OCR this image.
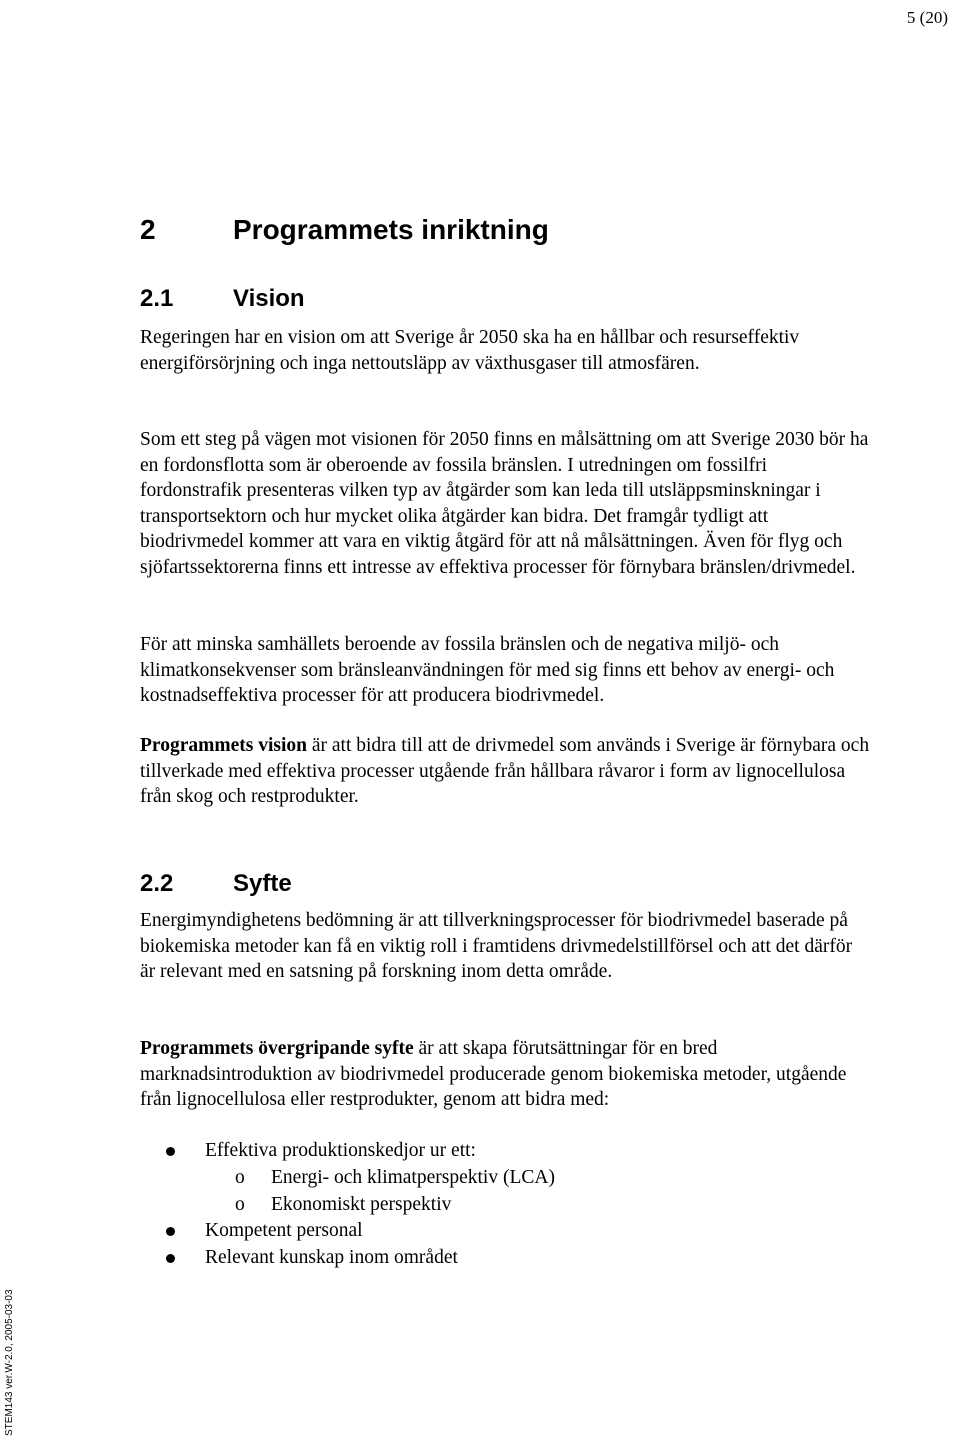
5 (20)
2	Programmets inriktning
2.1 Vision

Regeringen har en vision om att Sverige år 2050 ska ha en hållbar och resurseffektiv energiförsörjning och inga nettoutsläpp av växthusgaser till atmosfären.

Som ett steg på vägen mot visionen för 2050 finns en målsättning om att Sverige 2030 bör ha en fordonsflotta som är oberoende av fossila bränslen. I utredningen om fossilfri fordonstrafik presenteras vilken typ av åtgärder som kan leda till utsläppsminskningar i transportsektorn och hur mycket olika åtgärder kan bidra. Det framgår tydligt att biodrivmedel kommer att vara en viktig åtgärd för att nå målsättningen. Även för flyg och sjöfartssektorerna finns ett intresse av effektiva processer för förnybara bränslen/drivmedel.

För att minska samhällets beroende av fossila bränslen och de negativa miljö- och klimatkonsekvenser som bränsleanvändningen för med sig finns ett behov av energi- och kostnadseffektiva processer för att producera biodrivmedel.

Programmets vision är att bidra till att de drivmedel som används i Sverige är förnybara och tillverkade med effektiva processer utgående från hållbara råvaror i form av lignocellulosa från skog och restprodukter.

2.2 Syfte

Energimyndighetens bedömning är att tillverkningsprocesser för biodrivmedel baserade på biokemiska metoder kan få en viktig roll i framtidens drivmedelstillförsel och att det därför är relevant med en satsning på forskning inom detta område.

Programmets övergripande syfte är att skapa förutsättningar för en bred marknadsintroduktion av biodrivmedel producerade genom biokemiska metoder, utgående från lignocellulosa eller restprodukter, genom att bidra med:

Effektiva produktionskedjor ur ett:
o Energi- och klimatperspektiv (LCA)
o Ekonomiskt perspektiv
Kompetent personal
Relevant kunskap inom området
STEM143 ver.W-2.0, 2005-03-03
